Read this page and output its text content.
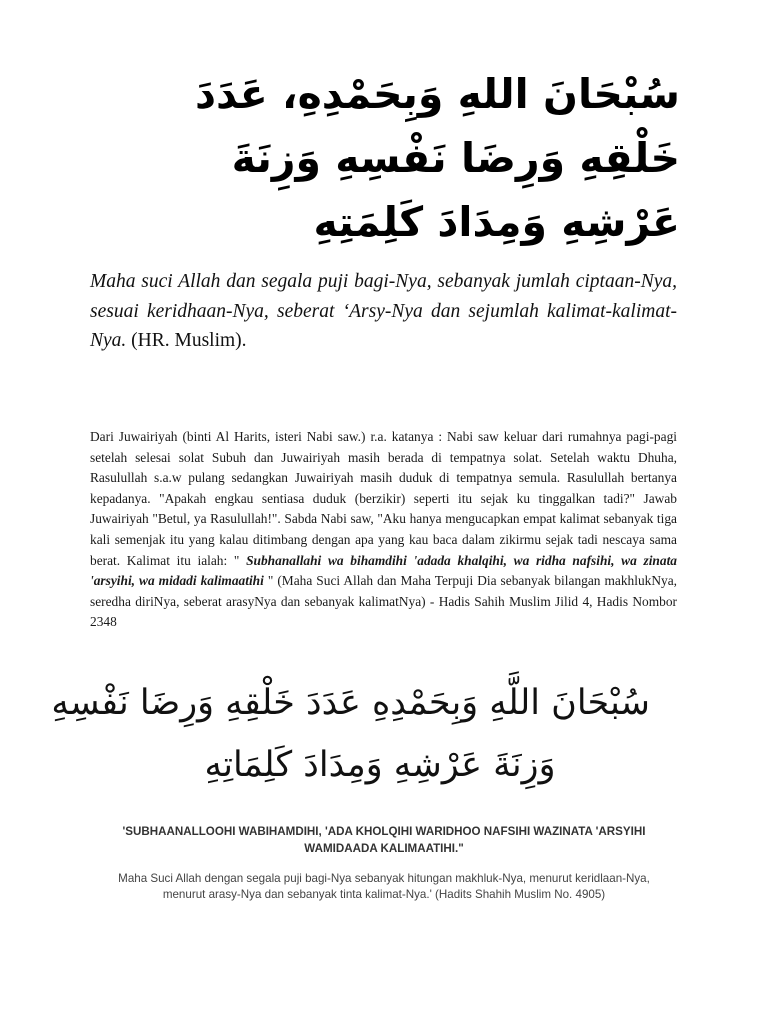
سُبْحَانَ اللهِ وَبِحَمْدِهِ، عَدَدَ
خَلْقِهِ وَرِضَا نَفْسِهِ وَزِنَةَ
عَرْشِهِ وَمِدَادَ كَلِمَتِهِ

Maha suci Allah dan segala puji bagi-Nya, sebanyak jumlah ciptaan-Nya, sesuai keridhaan-Nya, seberat ‘Arsy-Nya dan sejumlah kalimat-kalimat-Nya. (HR. Muslim).

Dari Juwairiyah (binti Al Harits, isteri Nabi saw.) r.a. katanya : Nabi saw keluar dari rumahnya pagi-pagi setelah selesai solat Subuh dan Juwairiyah masih berada di tempatnya solat. Setelah waktu Dhuha, Rasulullah s.a.w pulang sedangkan Juwairiyah masih duduk di tempatnya semula. Rasulullah bertanya kepadanya. "Apakah engkau sentiasa duduk (berzikir) seperti itu sejak ku tinggalkan tadi?" Jawab Juwairiyah "Betul, ya Rasulullah!". Sabda Nabi saw, "Aku hanya mengucapkan empat kalimat sebanyak tiga kali semenjak itu yang kalau ditimbang dengan apa yang kau baca dalam zikirmu sejak tadi nescaya sama berat. Kalimat itu ialah: " Subhanallahi wa bihamdihi 'adada khalqihi, wa ridha nafsihi, wa zinata 'arsyihi, wa midadi kalimaatihi " (Maha Suci Allah dan Maha Terpuji Dia sebanyak bilangan makhlukNya, seredha diriNya, seberat arasyNya dan sebanyak kalimatNya) - Hadis Sahih Muslim Jilid 4, Hadis Nombor 2348

سُبْحَانَ اللَّهِ وَبِحَمْدِهِ عَدَدَ خَلْقِهِ وَرِضَا نَفْسِهِ
وَزِنَةَ عَرْشِهِ وَمِدَادَ كَلِمَاتِهِ
'SUBHAANALLOOHI WABIHAMDIHI, 'ADA KHOLQIHI WARIDHOO NAFSIHI WAZINATA 'ARSYIHI WAMIDAADA KALIMAATIHI."
Maha Suci Allah dengan segala puji bagi-Nya sebanyak hitungan makhluk-Nya, menurut keridlaan-Nya, menurut arasy-Nya dan sebanyak tinta kalimat-Nya.' (Hadits Shahih Muslim No. 4905)
